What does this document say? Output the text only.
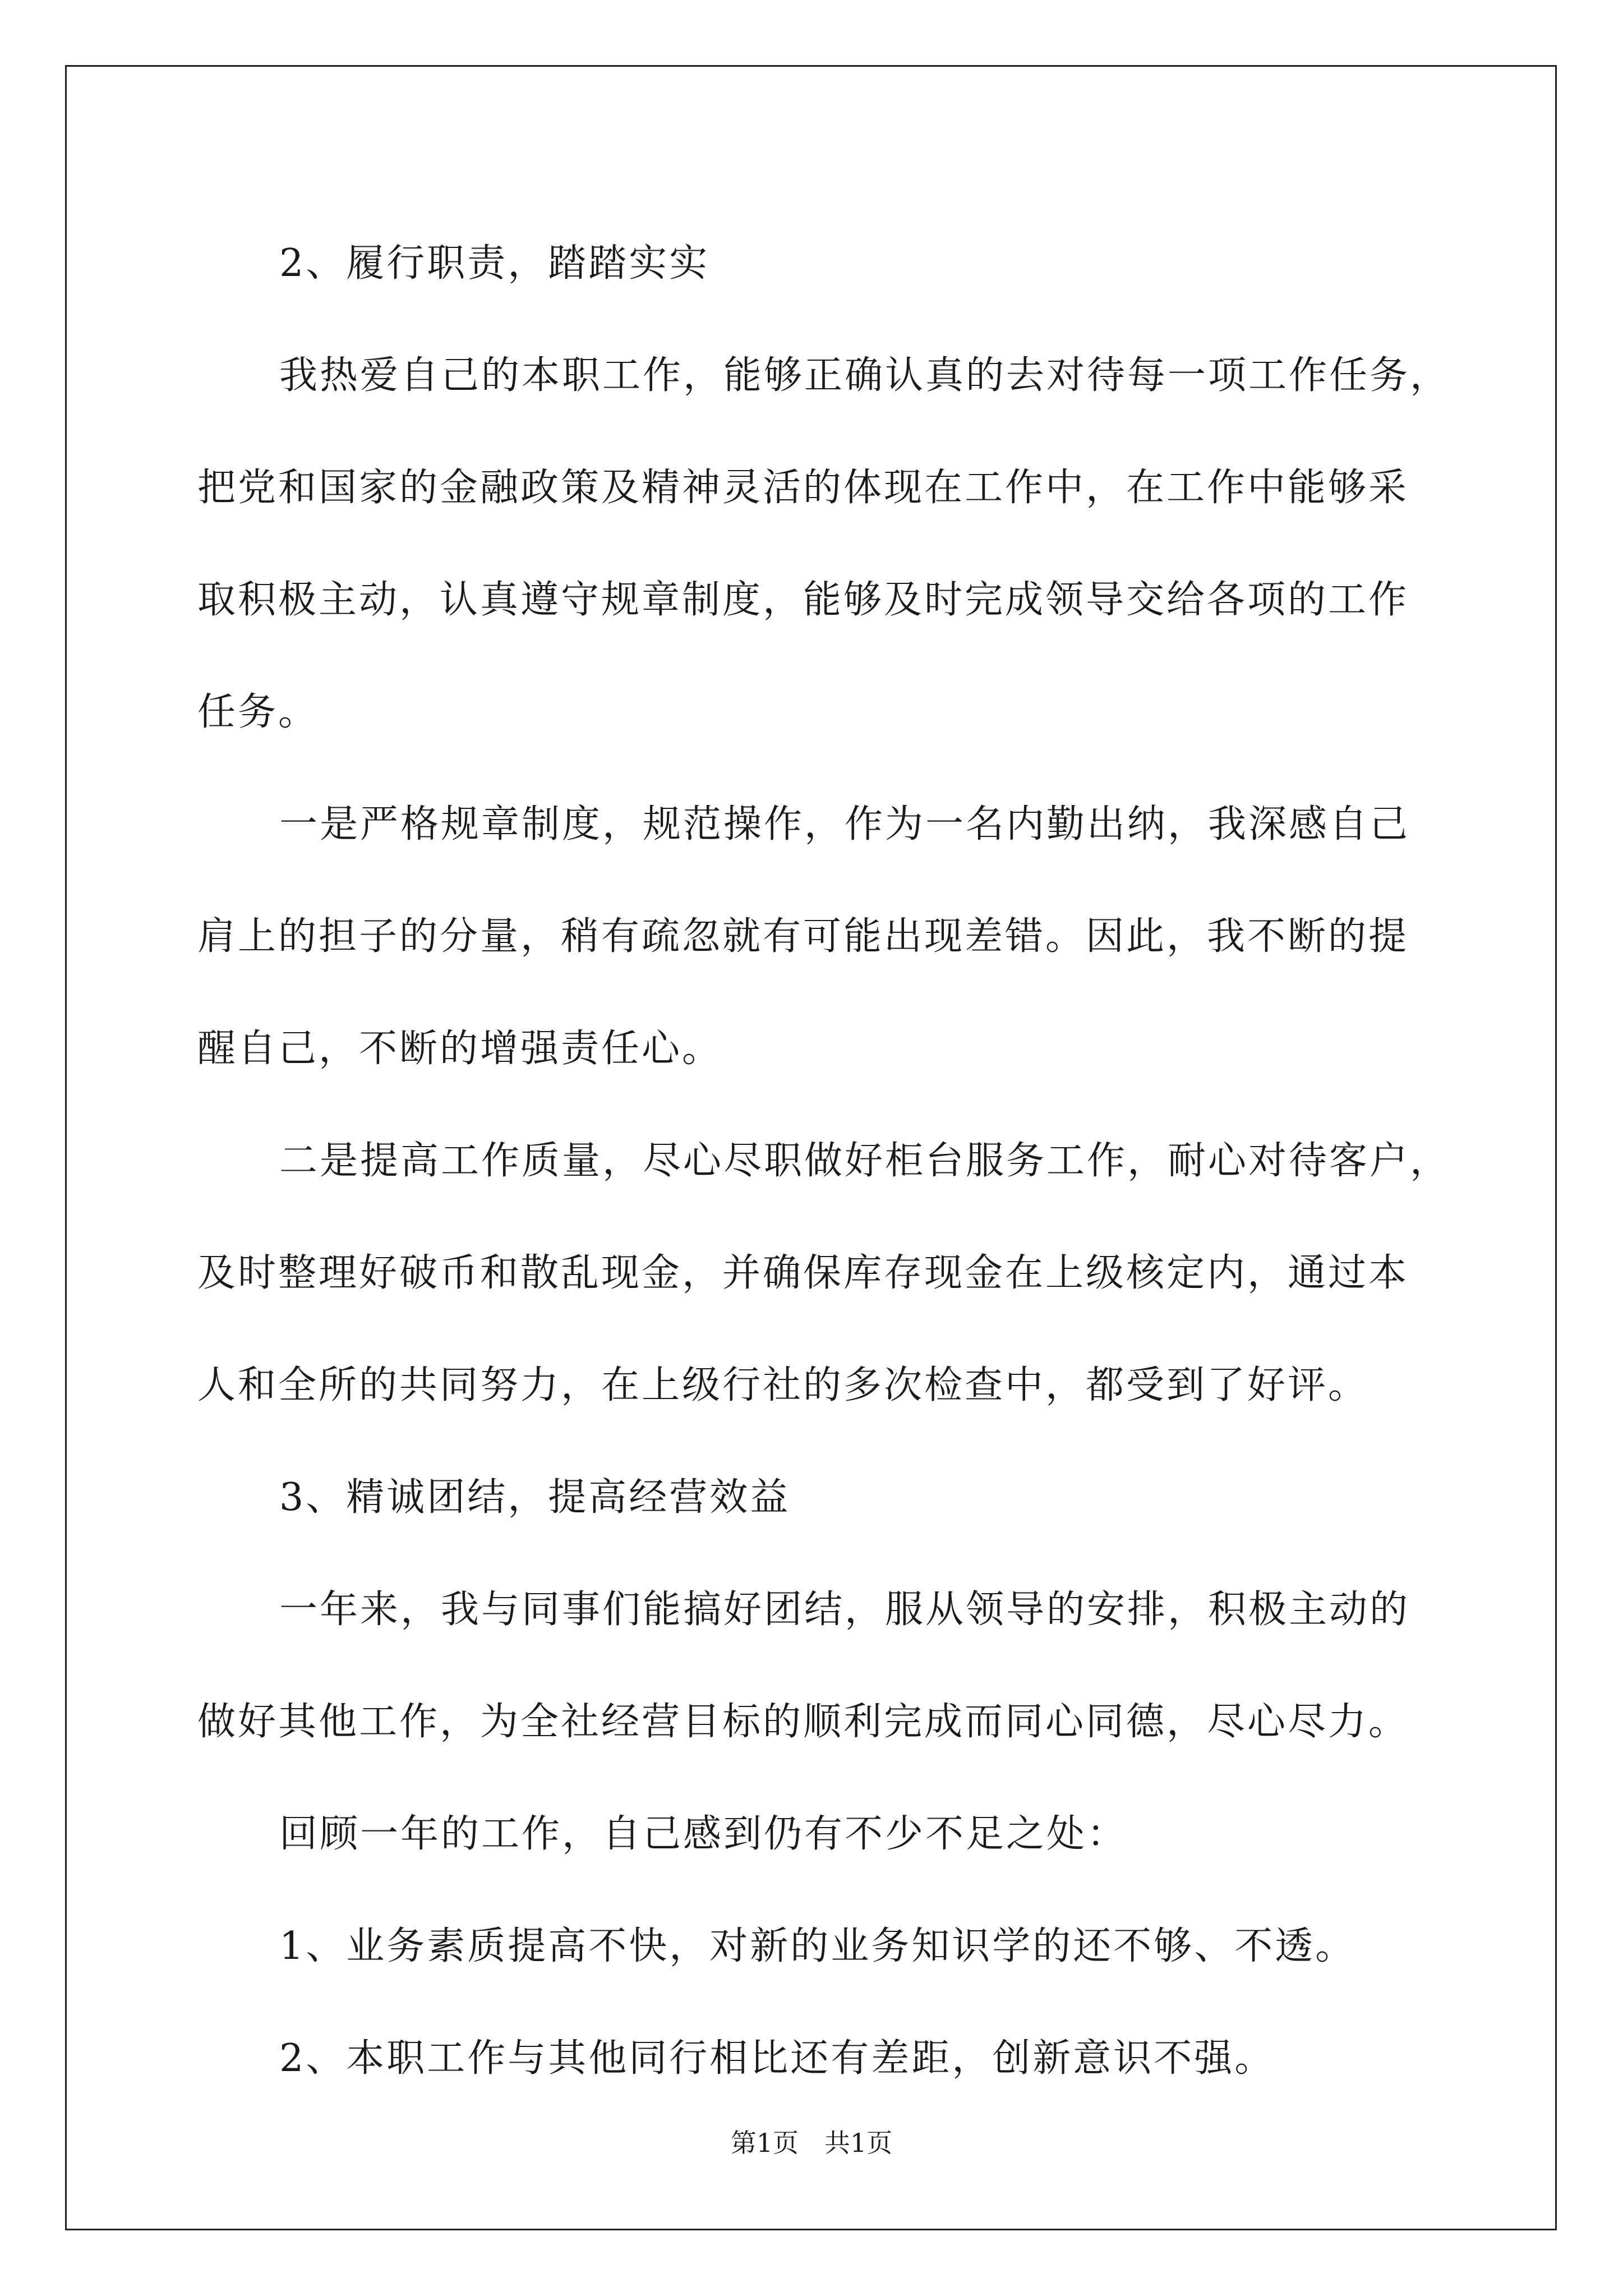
2、履行职责，踏踏实实

我热爱自己的本职工作，能够正确认真的去对待每一项工作任务，

把党和国家的金融政策及精神灵活的体现在工作中，在工作中能够采

取积极主动，认真遵守规章制度，能够及时完成领导交给各项的工作

任务。

一是严格规章制度，规范操作，作为一名内勤出纳，我深感自己

肩上的担子的分量，稍有疏忽就有可能出现差错。因此，我不断的提

醒自己，不断的增强责任心。

二是提高工作质量，尽心尽职做好柜台服务工作，耐心对待客户，

及时整理好破币和散乱现金，并确保库存现金在上级核定内，通过本

人和全所的共同努力，在上级行社的多次检查中，都受到了好评。

3、精诚团结，提高经营效益

一年来，我与同事们能搞好团结，服从领导的安排，积极主动的

做好其他工作，为全社经营目标的顺利完成而同心同德，尽心尽力。

回顾一年的工作，自己感到仍有不少不足之处：

1、业务素质提高不快，对新的业务知识学的还不够、不透。

2、本职工作与其他同行相比还有差距，创新意识不强。

第1页　共1页
